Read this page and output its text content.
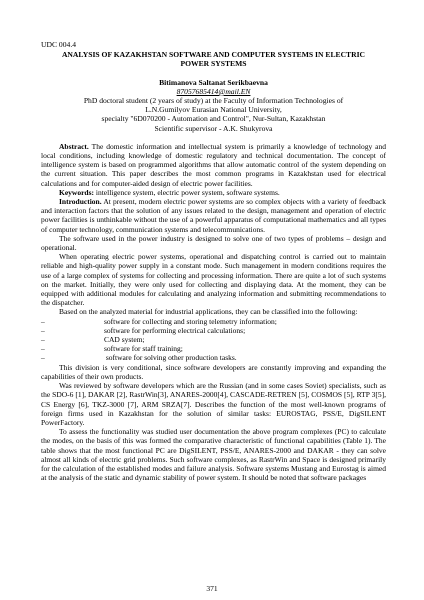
UDC 004.4
ANALYSIS OF KAZAKHSTAN SOFTWARE AND COMPUTER SYSTEMS IN ELECTRIC POWER SYSTEMS
Bitimanova Saltanat Serikbaevna
87057685414@mail.EN
PhD doctoral student (2 years of study) at the Faculty of Information Technologies of
L.N.Gumilyov Eurasian National University,
specialty "6D070200 - Automation and Control", Nur-Sultan, Kazakhstan
Scientific supervisor - A.K. Shukyrova

Abstract. The domestic information and intellectual system is primarily a knowledge of technology and local conditions, including knowledge of domestic regulatory and technical documentation. The concept of intelligence system is based on programmed algorithms that allow automatic control of the system depending on the current situation. This paper describes the most common programs in Kazakhstan used for electrical calculations and for computer-aided design of electric power facilities.

Keywords: intelligence system, electric power system, software systems.

Introduction. At present, modern electric power systems are so complex objects with a variety of feedback and interaction factors that the solution of any issues related to the design, management and operation of electric power facilities is unthinkable without the use of a powerful apparatus of computational mathematics and all types of computer technology, communication systems and telecommunications.

The software used in the power industry is designed to solve one of two types of problems – design and operational.

When operating electric power systems, operational and dispatching control is carried out to maintain reliable and high-quality power supply in a constant mode. Such management in modern conditions requires the use of a large complex of systems for collecting and processing information. There are quite a lot of such systems on the market. Initially, they were only used for collecting and displaying data. At the moment, they can be equipped with additional modules for calculating and analyzing information and submitting recommendations to the dispatcher.

Based on the analyzed material for industrial applications, they can be classified into the following:

–	software for collecting and storing telemetry information;
–	software for performing electrical calculations;
–	CAD system;
–	software for staff training;
–	software for solving other production tasks.

This division is very conditional, since software developers are constantly improving and expanding the capabilities of their own products.

Was reviewed by software developers which are the Russian (and in some cases Soviet) specialists, such as the SDO-6 [1], DAKAR [2], RastrWin[3], ANARES-2000[4], CASCADE-RETREN [5], COSMOS [5], RTP 3[5], CS Energy [6], TKZ-3000 [7], ARM SRZA[7]. Describes the function of the most well-known programs of foreign firms used in Kazakhstan for the solution of similar tasks: EUROSTAG, PSS/E, DigSILENT PowerFactory.

To assess the functionality was studied user documentation the above program complexes (PC) to calculate the modes, on the basis of this was formed the comparative characteristic of functional capabilities (Table 1). The table shows that the most functional PC are DigSILENT, PSS/E, ANARES-2000 and DAKAR - they can solve almost all kinds of electric grid problems. Such software complexes, as RastrWin and Space is designed primarily for the calculation of the established modes and failure analysis. Software systems Mustang and Eurostag is aimed at the analysis of the static and dynamic stability of power system. It should be noted that software packages

371
